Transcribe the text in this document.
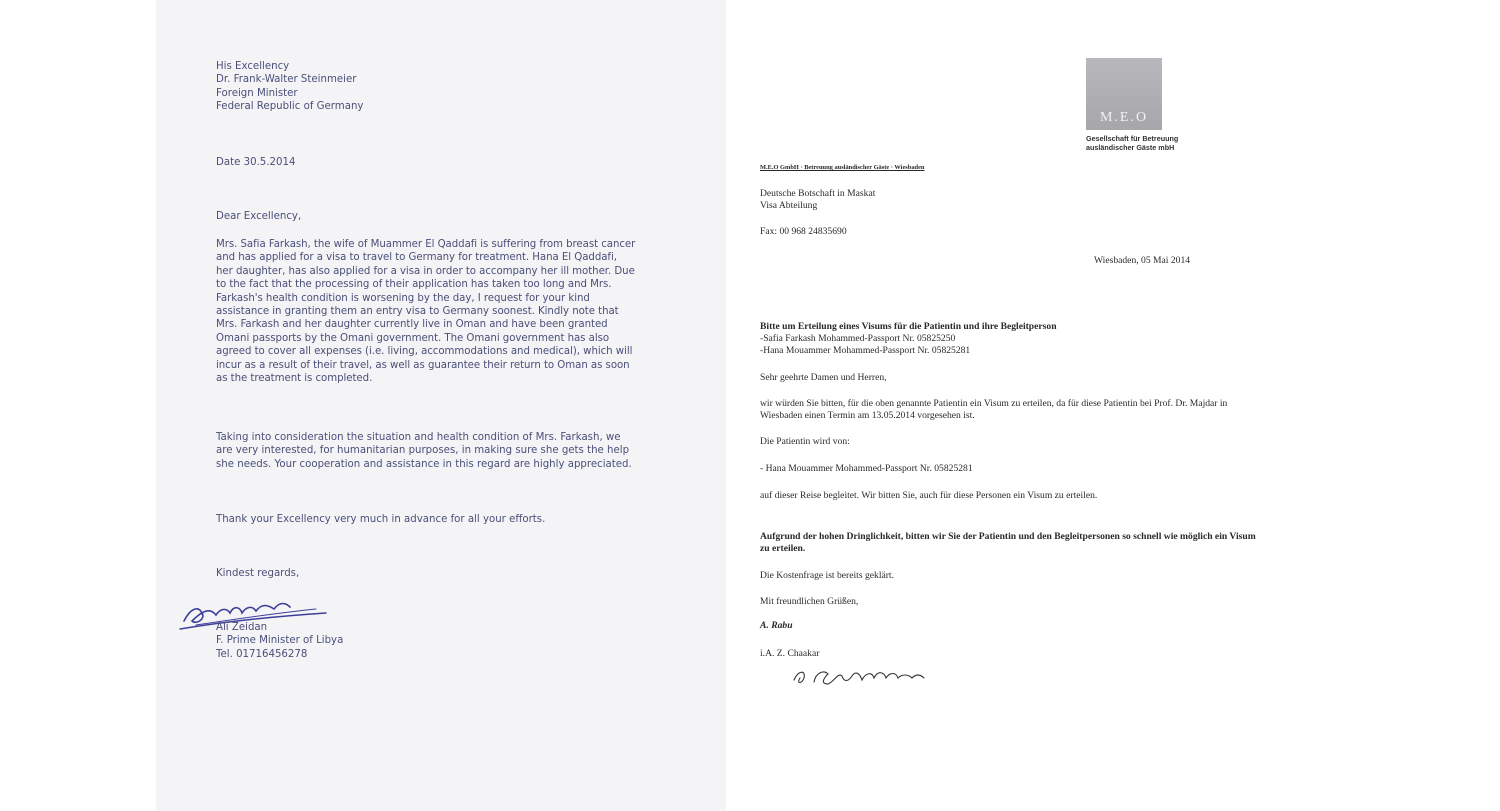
His Excellency
Dr. Frank-Walter Steinmeier
Foreign Minister
Federal Republic of Germany
Date 30.5.2014
Dear Excellency,
Mrs. Safia Farkash, the wife of Muammer El Qaddafi is suffering from breast cancer and has applied for a visa to travel to Germany for treatment. Hana El Qaddafi, her daughter, has also applied for a visa in order to accompany her ill mother. Due to the fact that the processing of their application has taken too long and Mrs. Farkash's health condition is worsening by the day, I request for your kind assistance in granting them an entry visa to Germany soonest. Kindly note that Mrs. Farkash and her daughter currently live in Oman and have been granted Omani passports by the Omani government. The Omani government has also agreed to cover all expenses (i.e. living, accommodations and medical), which will incur as a result of their travel, as well as guarantee their return to Oman as soon as the treatment is completed.
Taking into consideration the situation and health condition of Mrs. Farkash, we are very interested, for humanitarian purposes, in making sure she gets the help she needs. Your cooperation and assistance in this regard are highly appreciated.
Thank your Excellency very much in advance for all your efforts.
Kindest regards,
Ali Zeidan
F. Prime Minister of Libya
Tel. 01716456278
M.E.O
Gesellschaft für Betreuung
ausländischer Gäste mbH
M.E.O GmbH · Betreuung ausländischer Gäste · Wiesbaden
Deutsche Botschaft in Maskat
Visa Abteilung
Fax: 00 968 24835690
Wiesbaden, 05 Mai 2014
Bitte um Erteilung eines Visums für die Patientin und ihre Begleitperson
-Safia Farkash Mohammed-Passport Nr. 05825250
-Hana Mouammer Mohammed-Passport Nr. 05825281
Sehr geehrte Damen und Herren,
wir würden Sie bitten, für die oben genannte Patientin ein Visum zu erteilen, da für diese Patientin bei Prof. Dr. Majdar in Wiesbaden einen Termin am 13.05.2014 vorgesehen ist.
Die Patientin wird von:
- Hana Mouammer Mohammed-Passport Nr. 05825281
auf dieser Reise begleitet. Wir bitten Sie, auch für diese Personen ein Visum zu erteilen.
Aufgrund der hohen Dringlichkeit, bitten wir Sie der Patientin und den Begleitpersonen so schnell wie möglich ein Visum zu erteilen.
Die Kostenfrage ist bereits geklärt.
Mit freundlichen Grüßen,
A. Rabu
i.A. Z. Chaakar
